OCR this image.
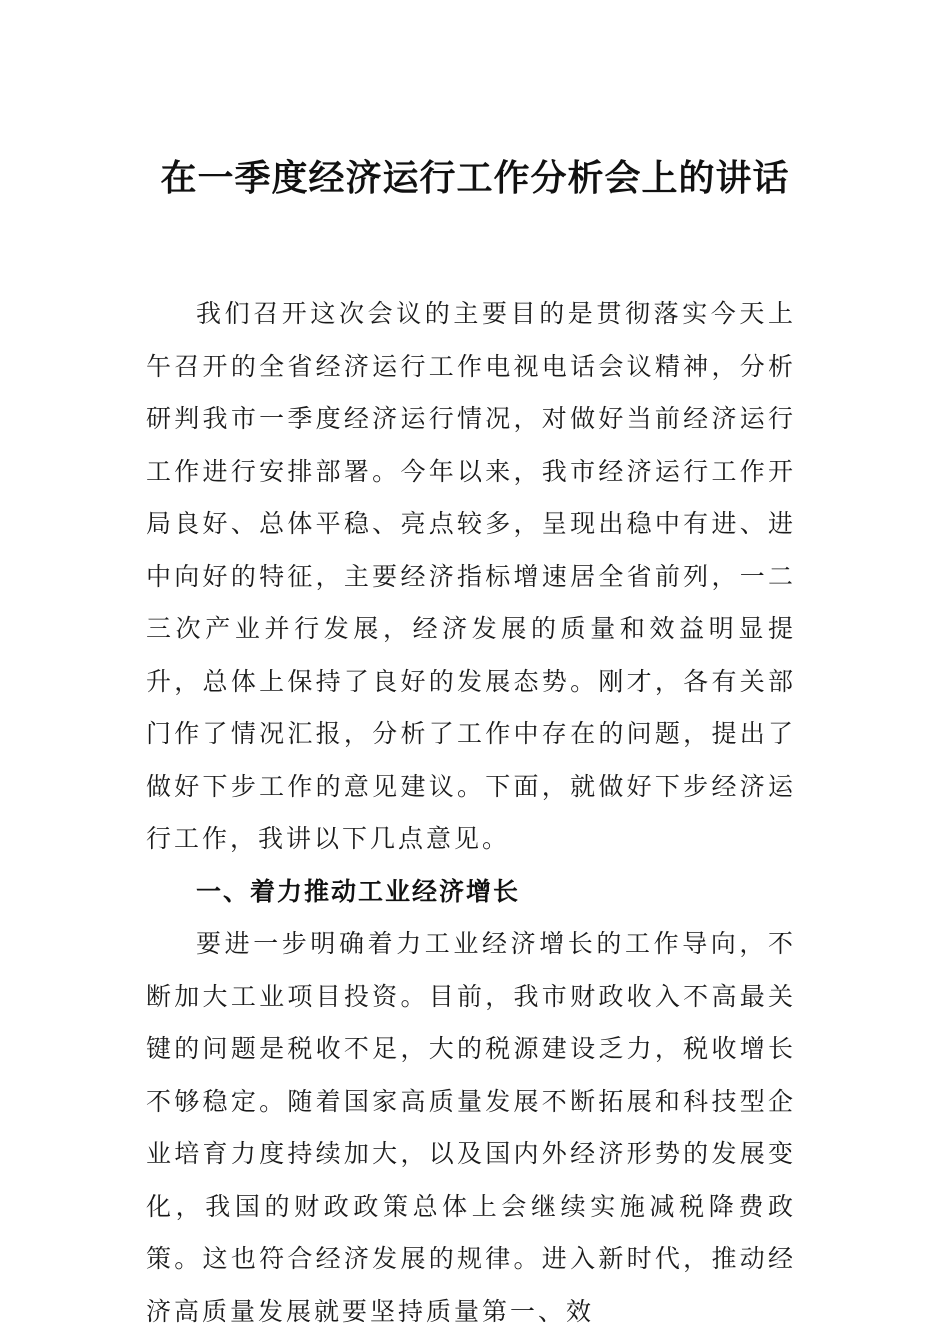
在一季度经济运行工作分析会上的讲话

我们召开这次会议的主要目的是贯彻落实今天上午召开的全省经济运行工作电视电话会议精神，分析研判我市一季度经济运行情况，对做好当前经济运行工作进行安排部署。今年以来，我市经济运行工作开局良好、总体平稳、亮点较多，呈现出稳中有进、进中向好的特征，主要经济指标增速居全省前列，一二三次产业并行发展，经济发展的质量和效益明显提升，总体上保持了良好的发展态势。刚才，各有关部门作了情况汇报，分析了工作中存在的问题，提出了做好下步工作的意见建议。下面，就做好下步经济运行工作，我讲以下几点意见。

一、着力推动工业经济增长

要进一步明确着力工业经济增长的工作导向，不断加大工业项目投资。目前，我市财政收入不高最关键的问题是税收不足，大的税源建设乏力，税收增长不够稳定。随着国家高质量发展不断拓展和科技型企业培育力度持续加大，以及国内外经济形势的发展变化，我国的财政政策总体上会继续实施减税降费政策。这也符合经济发展的规律。进入新时代，推动经济高质量发展就要坚持质量第一、效
